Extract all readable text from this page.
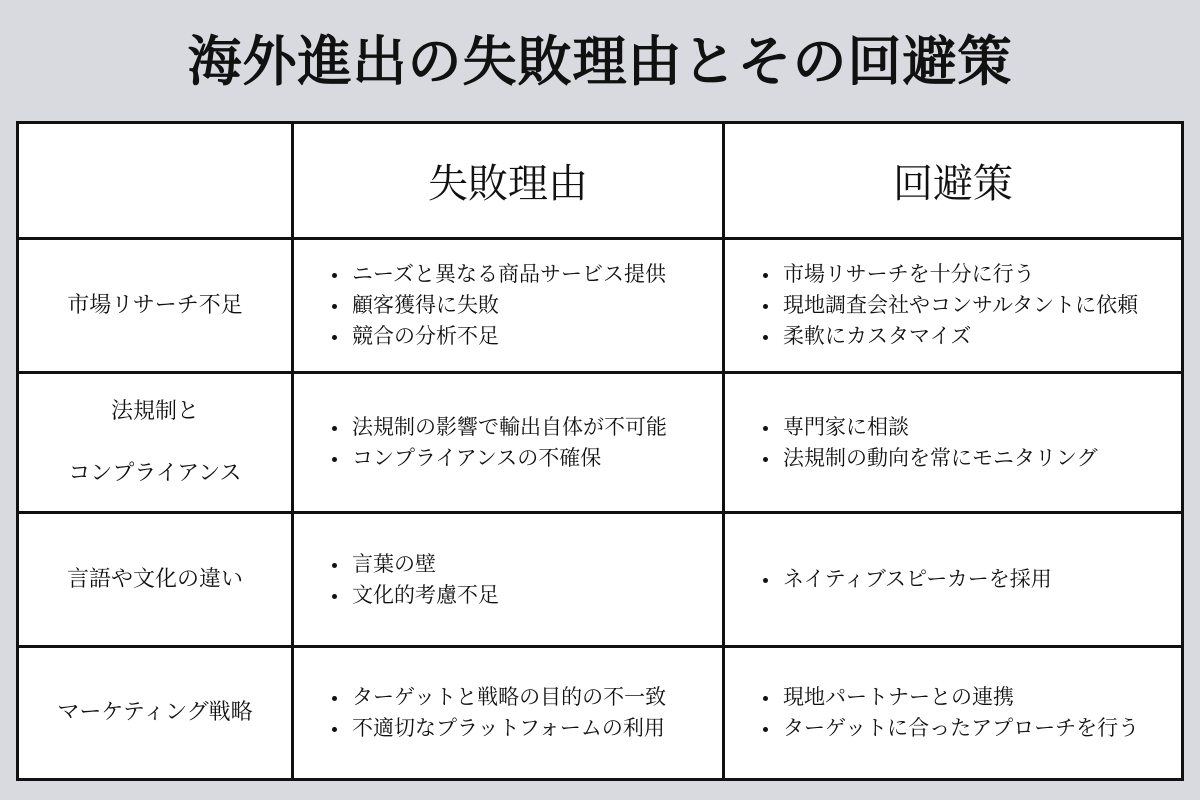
海外進出の失敗理由とその回避策
失敗理由	回避策
市場リサーチ不足
ニーズと異なる商品サービス提供
顧客獲得に失敗
競合の分析不足
市場リサーチを十分に行う
現地調査会社やコンサルタントに依頼
柔軟にカスタマイズ
法規制と
コンプライアンス
法規制の影響で輸出自体が不可能
コンプライアンスの不確保
専門家に相談
法規制の動向を常にモニタリング
言語や文化の違い
言葉の壁
文化的考慮不足
ネイティブスピーカーを採用
マーケティング戦略
ターゲットと戦略の目的の不一致
不適切なプラットフォームの利用
現地パートナーとの連携
ターゲットに合ったアプローチを行う
